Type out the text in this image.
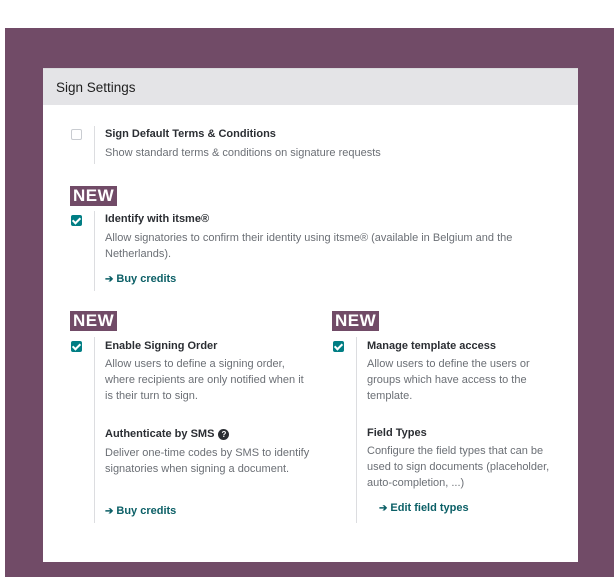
Sign Settings
Sign Default Terms & Conditions
Show standard terms & conditions on signature requests
NEW
Identify with itsme®
Allow signatories to confirm their identity using itsme® (available in Belgium and the Netherlands).
➔ Buy credits
NEW	NEW
Enable Signing Order
Allow users to define a signing order, where recipients are only notified when it is their turn to sign.
Manage template access
Allow users to define the users or groups which have access to the template.
Authenticate by SMS ?
Deliver one-time codes by SMS to identify signatories when signing a document.
➔ Buy credits
Field Types
Configure the field types that can be used to sign documents (placeholder, auto-completion, ...)
➔ Edit field types
